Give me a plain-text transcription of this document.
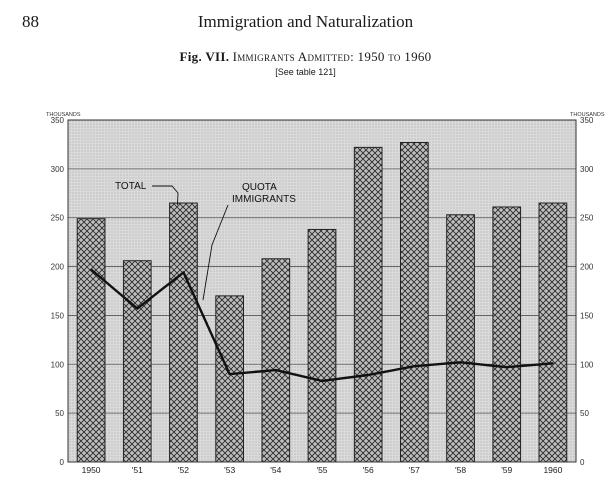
88	Immigration and Naturalization
Fig. VII. Immigrants Admitted: 1950 to 1960
[See table 121]
0	0
50	50
100	100
150	150
200	200
250	250
300	300
350	350
THOUSANDS	THOUSANDS
1950	'51	'52	'53	'54	'55	'56	'57	'58	'59	1960
TOTAL	QUOTA
IMMIGRANTS
